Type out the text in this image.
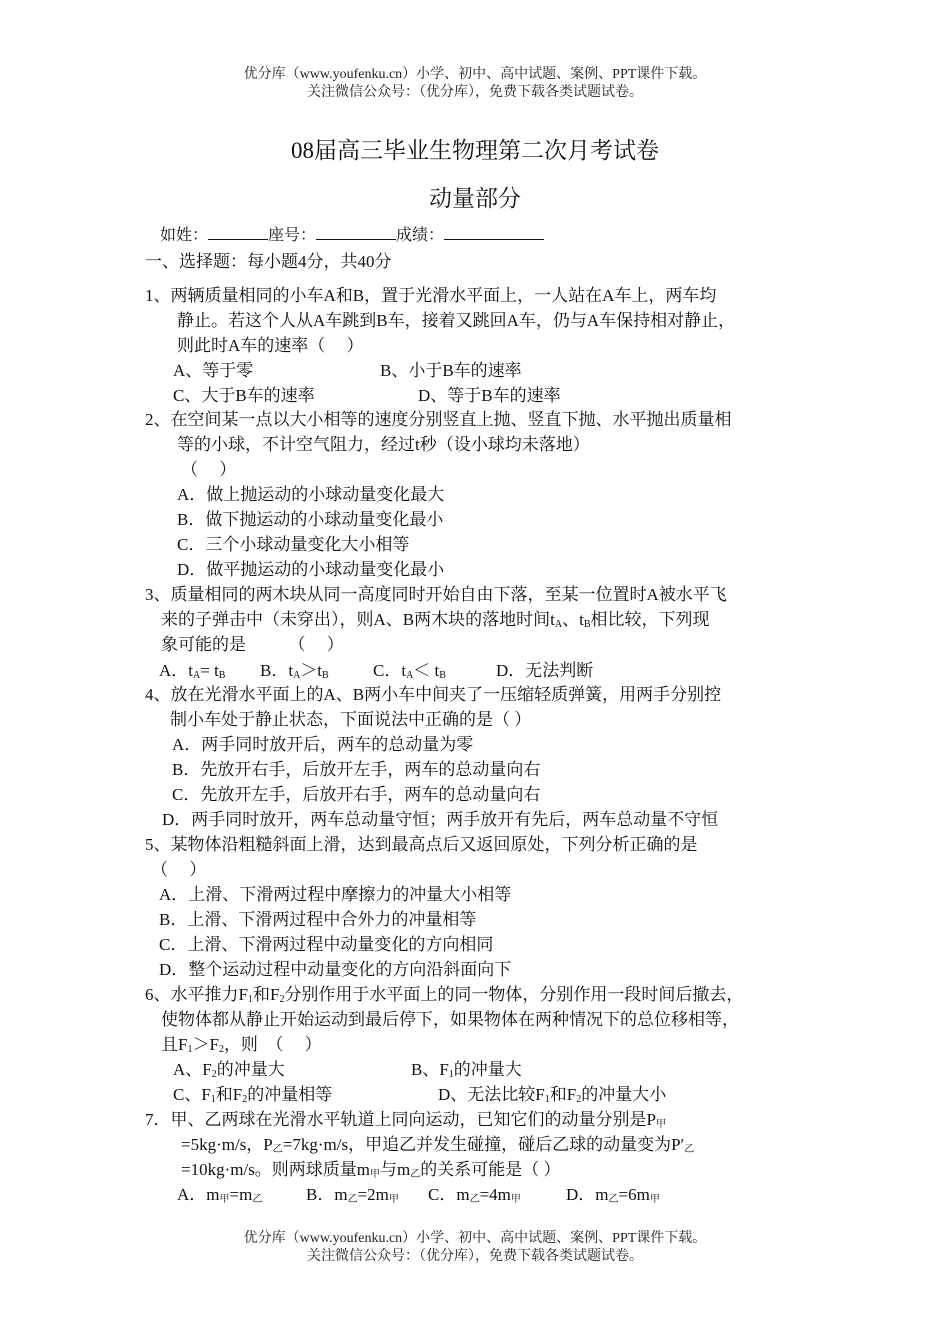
优分库（www.youfenku.cn）小学、初中、高中试题、案例、PPT课件下载。
关注微信公众号：（优分库），免费下载各类试题试卷。
08届高三毕业生物理第二次月考试卷
动量部分
如姓：	座号：	成绩：
一、选择题：每小题4分，共40分
1、两辆质量相同的小车A和B，置于光滑水平面上，一人站在A车上，两车均
静止。若这个人从A车跳到B车，接着又跳回A车，仍与A车保持相对静止，
则此时A车的速率（　 ）
A、等于零	B、小于B车的速率
C、大于B车的速率	D、等于B车的速率
2、在空间某一点以大小相等的速度分别竖直上抛、竖直下抛、水平抛出质量相
等的小球，不计空气阻力，经过t秒（设小球均未落地）
（　 ）
A．做上抛运动的小球动量变化最大
B．做下抛运动的小球动量变化最小
C．三个小球动量变化大小相等
D．做平抛运动的小球动量变化最小
3、质量相同的两木块从同一高度同时开始自由下落，至某一位置时A被水平飞
来的子弹击中（未穿出），则A、B两木块的落地时间$t_A$、$t_B$相比较，下列现
象可能的是　　　（　 ）
A．$t_A= t_B$ B．$t_A>t_B$	C．$t_A< t_B$	D．无法判断
4、放在光滑水平面上的A、B两小车中间夹了一压缩轻质弹簧，用两手分别控
制小车处于静止状态，下面说法中正确的是（ ）
A．两手同时放开后，两车的总动量为零
B．先放开右手，后放开左手，两车的总动量向右
C．先放开左手，后放开右手，两车的总动量向右
D．两手同时放开，两车总动量守恒；两手放开有先后，两车总动量不守恒
5、某物体沿粗糙斜面上滑，达到最高点后又返回原处，下列分析正确的是
（　 ）
A．上滑、下滑两过程中摩擦力的冲量大小相等
B．上滑、下滑两过程中合外力的冲量相等
C．上滑、下滑两过程中动量变化的方向相同
D．整个运动过程中动量变化的方向沿斜面向下
6、水平推力$F_1$和$F_2$分别作用于水平面上的同一物体，分别作用一段时间后撤去，
使物体都从静止开始运动到最后停下，如果物体在两种情况下的总位移相等，
且$F_1>F_2$，则　（　 ）
A、$F_2$的冲量大	B、$F_1$的冲量大
C、$F_1$和$F_2$的冲量相等	D、无法比较$F_1$和$F_2$的冲量大小
7．甲、乙两球在光滑水平轨道上同向运动，已知它们的动量分别是$P_甲$
=5kg·m/s，$P_乙=7kg\cdot m/s$，甲追乙并发生碰撞，碰后乙球的动量变为$P'_乙$
=10kg·m/s。则两球质量$m_甲$与$m_乙$的关系可能是（ ）
A．$m_甲=m_乙$	B．$m_乙=2m_甲$ C．$m_乙=4m_甲$	D．$m_乙=6m_甲$
优分库（www.youfenku.cn）小学、初中、高中试题、案例、PPT课件下载。
关注微信公众号：（优分库），免费下载各类试题试卷。
